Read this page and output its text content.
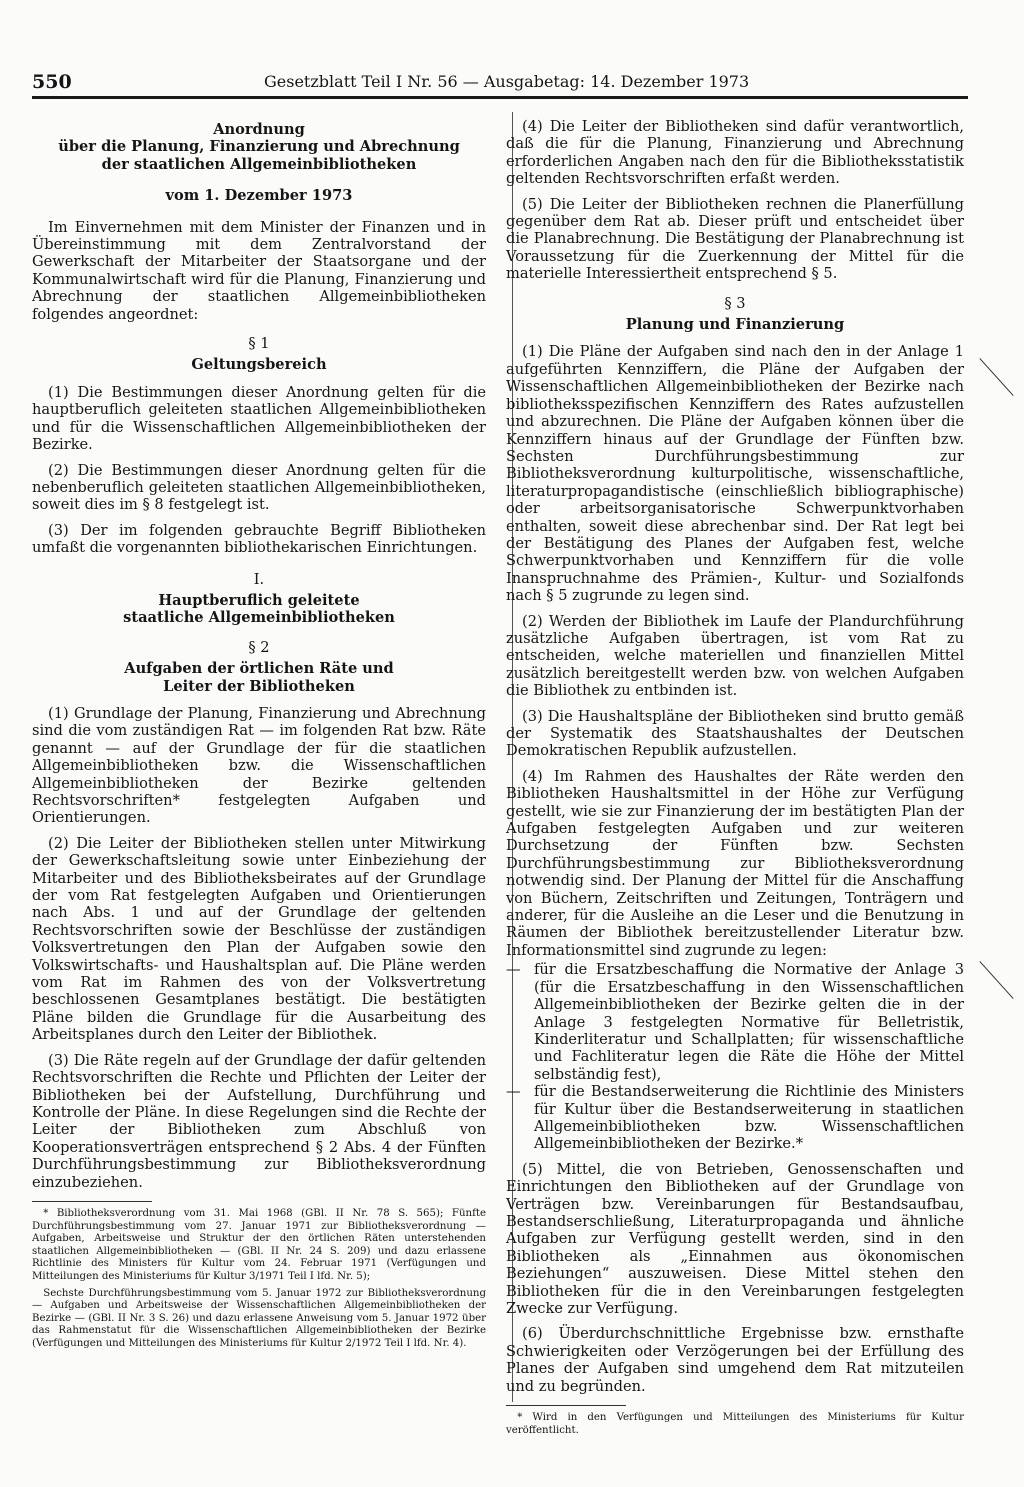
550	Gesetzblatt Teil I Nr. 56 — Ausgabetag: 14. Dezember 1973
Anordnung
über die Planung, Finanzierung und Abrechnung
der staatlichen Allgemeinbibliotheken
vom 1. Dezember 1973

Im Einvernehmen mit dem Minister der Finanzen und in Übereinstimmung mit dem Zentralvorstand der Gewerkschaft der Mitarbeiter der Staatsorgane und der Kommunalwirtschaft wird für die Planung, Finanzierung und Abrechnung der staatlichen Allgemeinbibliotheken folgendes angeordnet:

§ 1
Geltungsbereich

(1) Die Bestimmungen dieser Anordnung gelten für die hauptberuflich geleiteten staatlichen Allgemeinbibliotheken und für die Wissenschaftlichen Allgemeinbibliotheken der Bezirke.

(2) Die Bestimmungen dieser Anordnung gelten für die nebenberuflich geleiteten staatlichen Allgemeinbibliotheken, soweit dies im § 8 festgelegt ist.

(3) Der im folgenden gebrauchte Begriff Bibliotheken umfaßt die vorgenannten bibliothekarischen Einrichtungen.

I.
Hauptberuflich geleitete
staatliche Allgemeinbibliotheken
§ 2
Aufgaben der örtlichen Räte und
Leiter der Bibliotheken

(1) Grundlage der Planung, Finanzierung und Abrechnung sind die vom zuständigen Rat — im folgenden Rat bzw. Räte genannt — auf der Grundlage der für die staatlichen Allgemeinbibliotheken bzw. die Wissenschaftlichen Allgemeinbibliotheken der Bezirke geltenden Rechtsvorschriften* festgelegten Aufgaben und Orientierungen.

(2) Die Leiter der Bibliotheken stellen unter Mitwirkung der Gewerkschaftsleitung sowie unter Einbeziehung der Mitarbeiter und des Bibliotheksbeirates auf der Grundlage der vom Rat festgelegten Aufgaben und Orientierungen nach Abs. 1 und auf der Grundlage der geltenden Rechtsvorschriften sowie der Beschlüsse der zuständigen Volksvertretungen den Plan der Aufgaben sowie den Volkswirtschafts- und Haushaltsplan auf. Die Pläne werden vom Rat im Rahmen des von der Volksvertretung beschlossenen Gesamtplanes bestätigt. Die bestätigten Pläne bilden die Grundlage für die Ausarbeitung des Arbeitsplanes durch den Leiter der Bibliothek.

(3) Die Räte regeln auf der Grundlage der dafür geltenden Rechtsvorschriften die Rechte und Pflichten der Leiter der Bibliotheken bei der Aufstellung, Durchführung und Kontrolle der Pläne. In diese Regelungen sind die Rechte der Leiter der Bibliotheken zum Abschluß von Kooperationsverträgen entsprechend § 2 Abs. 4 der Fünften Durchführungsbestimmung zur Bibliotheksverordnung einzubeziehen.

* Bibliotheksverordnung vom 31. Mai 1968 (GBl. II Nr. 78 S. 565); Fünfte Durchführungsbestimmung vom 27. Januar 1971 zur Bibliotheksverordnung — Aufgaben, Arbeitsweise und Struktur der den örtlichen Räten unterstehenden staatlichen Allgemeinbibliotheken — (GBl. II Nr. 24 S. 209) und dazu erlassene Richtlinie des Ministers für Kultur vom 24. Februar 1971 (Verfügungen und Mitteilungen des Ministeriums für Kultur 3/1971 Teil I lfd. Nr. 5);

Sechste Durchführungsbestimmung vom 5. Januar 1972 zur Bibliotheksverordnung — Aufgaben und Arbeitsweise der Wissenschaftlichen Allgemeinbibliotheken der Bezirke — (GBl. II Nr. 3 S. 26) und dazu erlassene Anweisung vom 5. Januar 1972 über das Rahmenstatut für die Wissenschaftlichen Allgemeinbibliotheken der Bezirke (Verfügungen und Mitteilungen des Ministeriums für Kultur 2/1972 Teil I lfd. Nr. 4).

(4) Die Leiter der Bibliotheken sind dafür verantwortlich, daß die für die Planung, Finanzierung und Abrechnung erforderlichen Angaben nach den für die Bibliotheksstatistik geltenden Rechtsvorschriften erfaßt werden.

(5) Die Leiter der Bibliotheken rechnen die Planerfüllung gegenüber dem Rat ab. Dieser prüft und entscheidet über die Planabrechnung. Die Bestätigung der Planabrechnung ist Voraussetzung für die Zuerkennung der Mittel für die materielle Interessiertheit entsprechend § 5.

§ 3
Planung und Finanzierung

(1) Die Pläne der Aufgaben sind nach den in der Anlage 1 aufgeführten Kennziffern, die Pläne der Aufgaben der Wissenschaftlichen Allgemeinbibliotheken der Bezirke nach bibliotheksspezifischen Kennziffern des Rates aufzustellen und abzurechnen. Die Pläne der Aufgaben können über die Kennziffern hinaus auf der Grundlage der Fünften bzw. Sechsten Durchführungsbestimmung zur Bibliotheksverordnung kulturpolitische, wissenschaftliche, literaturpropagandistische (einschließlich bibliographische) oder arbeitsorganisatorische Schwerpunktvorhaben enthalten, soweit diese abrechenbar sind. Der Rat legt bei der Bestätigung des Planes der Aufgaben fest, welche Schwerpunktvorhaben und Kennziffern für die volle Inanspruchnahme des Prämien-, Kultur- und Sozialfonds nach § 5 zugrunde zu legen sind.

(2) Werden der Bibliothek im Laufe der Plandurchführung zusätzliche Aufgaben übertragen, ist vom Rat zu entscheiden, welche materiellen und finanziellen Mittel zusätzlich bereitgestellt werden bzw. von welchen Aufgaben die Bibliothek zu entbinden ist.

(3) Die Haushaltspläne der Bibliotheken sind brutto gemäß der Systematik des Staatshaushaltes der Deutschen Demokratischen Republik aufzustellen.

(4) Im Rahmen des Haushaltes der Räte werden den Bibliotheken Haushaltsmittel in der Höhe zur Verfügung gestellt, wie sie zur Finanzierung der im bestätigten Plan der Aufgaben festgelegten Aufgaben und zur weiteren Durchsetzung der Fünften bzw. Sechsten Durchführungsbestimmung zur Bibliotheksverordnung notwendig sind. Der Planung der Mittel für die Anschaffung von Büchern, Zeitschriften und Zeitungen, Tonträgern und anderer, für die Ausleihe an die Leser und die Benutzung in Räumen der Bibliothek bereitzustellender Literatur bzw. Informationsmittel sind zugrunde zu legen:

— für die Ersatzbeschaffung die Normative der Anlage 3 (für die Ersatzbeschaffung in den Wissenschaftlichen Allgemeinbibliotheken der Bezirke gelten die in der Anlage 3 festgelegten Normative für Belletristik, Kinderliteratur und Schallplatten; für wissenschaftliche und Fachliteratur legen die Räte die Höhe der Mittel selbständig fest),
— für die Bestandserweiterung die Richtlinie des Ministers für Kultur über die Bestandserweiterung in staatlichen Allgemeinbibliotheken bzw. Wissenschaftlichen Allgemeinbibliotheken der Bezirke.*

(5) Mittel, die von Betrieben, Genossenschaften und Einrichtungen den Bibliotheken auf der Grundlage von Verträgen bzw. Vereinbarungen für Bestandsaufbau, Bestandserschließung, Literaturpropaganda und ähnliche Aufgaben zur Verfügung gestellt werden, sind in den Bibliotheken als „Einnahmen aus ökonomischen Beziehungen“ auszuweisen. Diese Mittel stehen den Bibliotheken für die in den Vereinbarungen festgelegten Zwecke zur Verfügung.

(6) Überdurchschnittliche Ergebnisse bzw. ernsthafte Schwierigkeiten oder Verzögerungen bei der Erfüllung des Planes der Aufgaben sind umgehend dem Rat mitzuteilen und zu begründen.

* Wird in den Verfügungen und Mitteilungen des Ministeriums für Kultur veröffentlicht.
